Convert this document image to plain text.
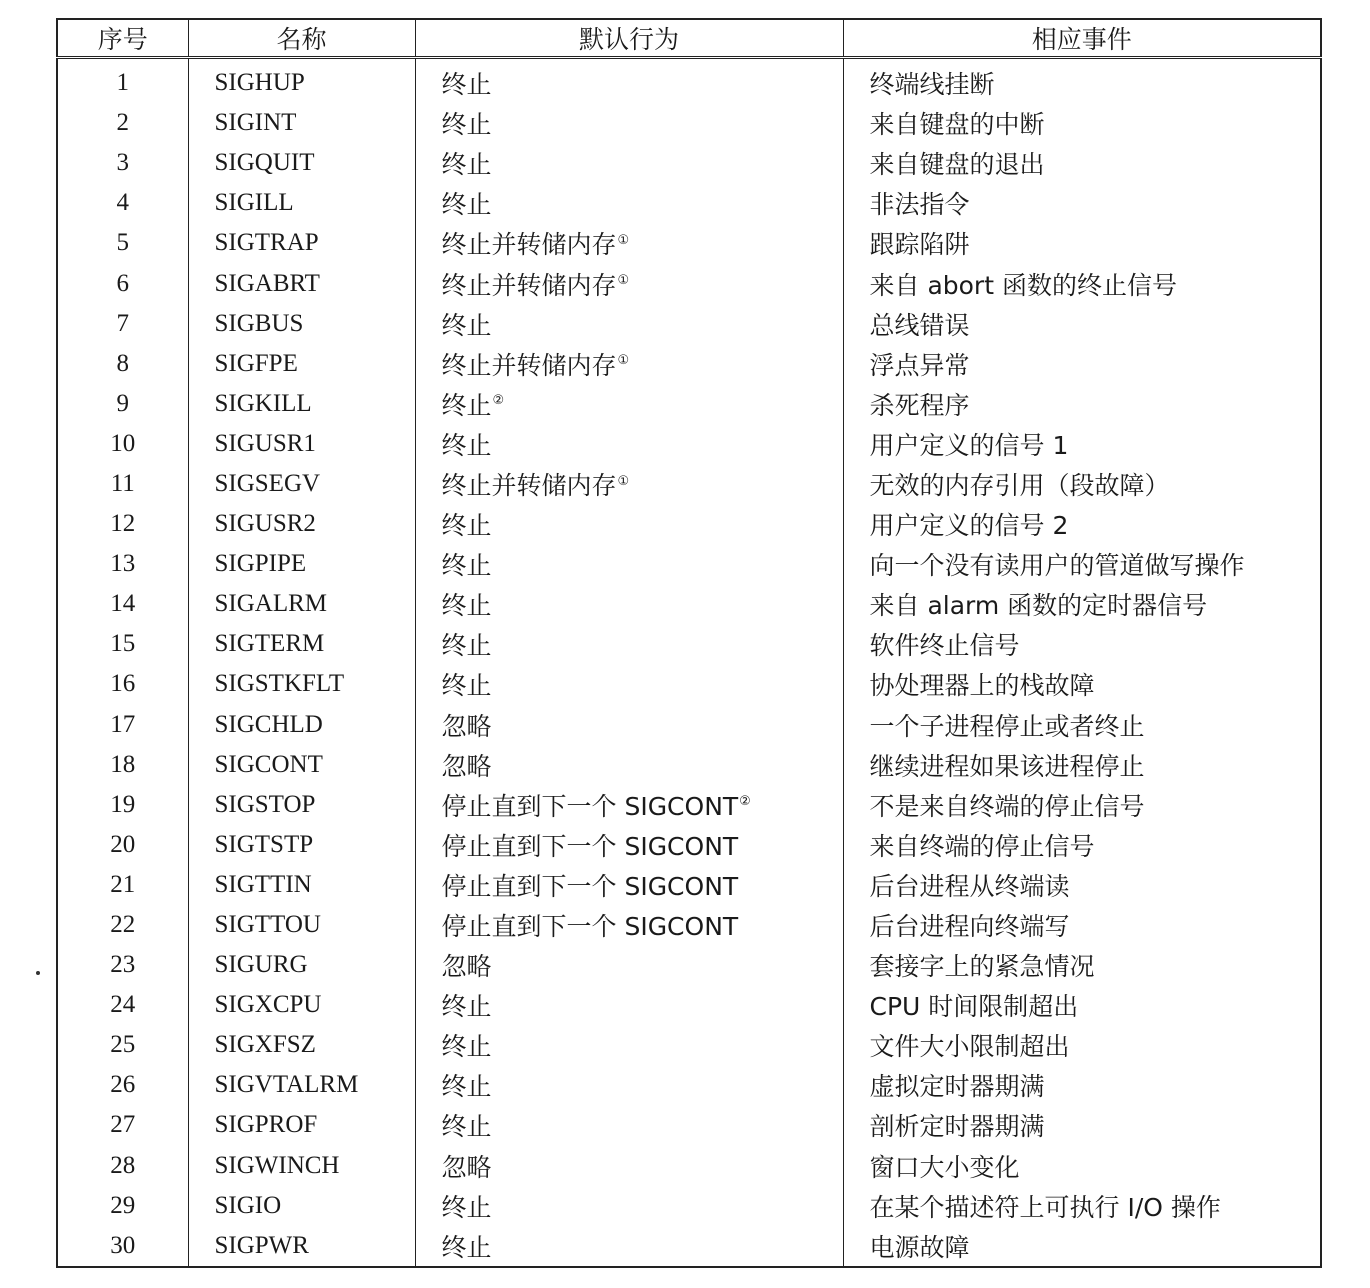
序号	名称	默认行为	相应事件
1	SIGHUP	终止	终端线挂断
2	SIGINT	终止	来自键盘的中断
3	SIGQUIT	终止	来自键盘的退出
4	SIGILL	终止	非法指令
5	SIGTRAP	终止并转储内存①	跟踪陷阱
6	SIGABRT	终止并转储内存①	来自 abort 函数的终止信号
7	SIGBUS	终止	总线错误
8	SIGFPE	终止并转储内存①	浮点异常
9	SIGKILL	终止②	杀死程序
10	SIGUSR1	终止	用户定义的信号 1
11	SIGSEGV	终止并转储内存①	无效的内存引用（段故障）
12	SIGUSR2	终止	用户定义的信号 2
13	SIGPIPE	终止	向一个没有读用户的管道做写操作
14	SIGALRM	终止	来自 alarm 函数的定时器信号
15	SIGTERM	终止	软件终止信号
16	SIGSTKFLT	终止	协处理器上的栈故障
17	SIGCHLD	忽略	一个子进程停止或者终止
18	SIGCONT	忽略	继续进程如果该进程停止
19	SIGSTOP	停止直到下一个 SIGCONT②	不是来自终端的停止信号
20	SIGTSTP	停止直到下一个 SIGCONT	来自终端的停止信号
21	SIGTTIN	停止直到下一个 SIGCONT	后台进程从终端读
22	SIGTTOU	停止直到下一个 SIGCONT	后台进程向终端写
23	SIGURG	忽略	套接字上的紧急情况
24	SIGXCPU	终止	CPU 时间限制超出
25	SIGXFSZ	终止	文件大小限制超出
26	SIGVTALRM	终止	虚拟定时器期满
27	SIGPROF	终止	剖析定时器期满
28	SIGWINCH	忽略	窗口大小变化
29	SIGIO	终止	在某个描述符上可执行 I/O 操作
30	SIGPWR	终止	电源故障
